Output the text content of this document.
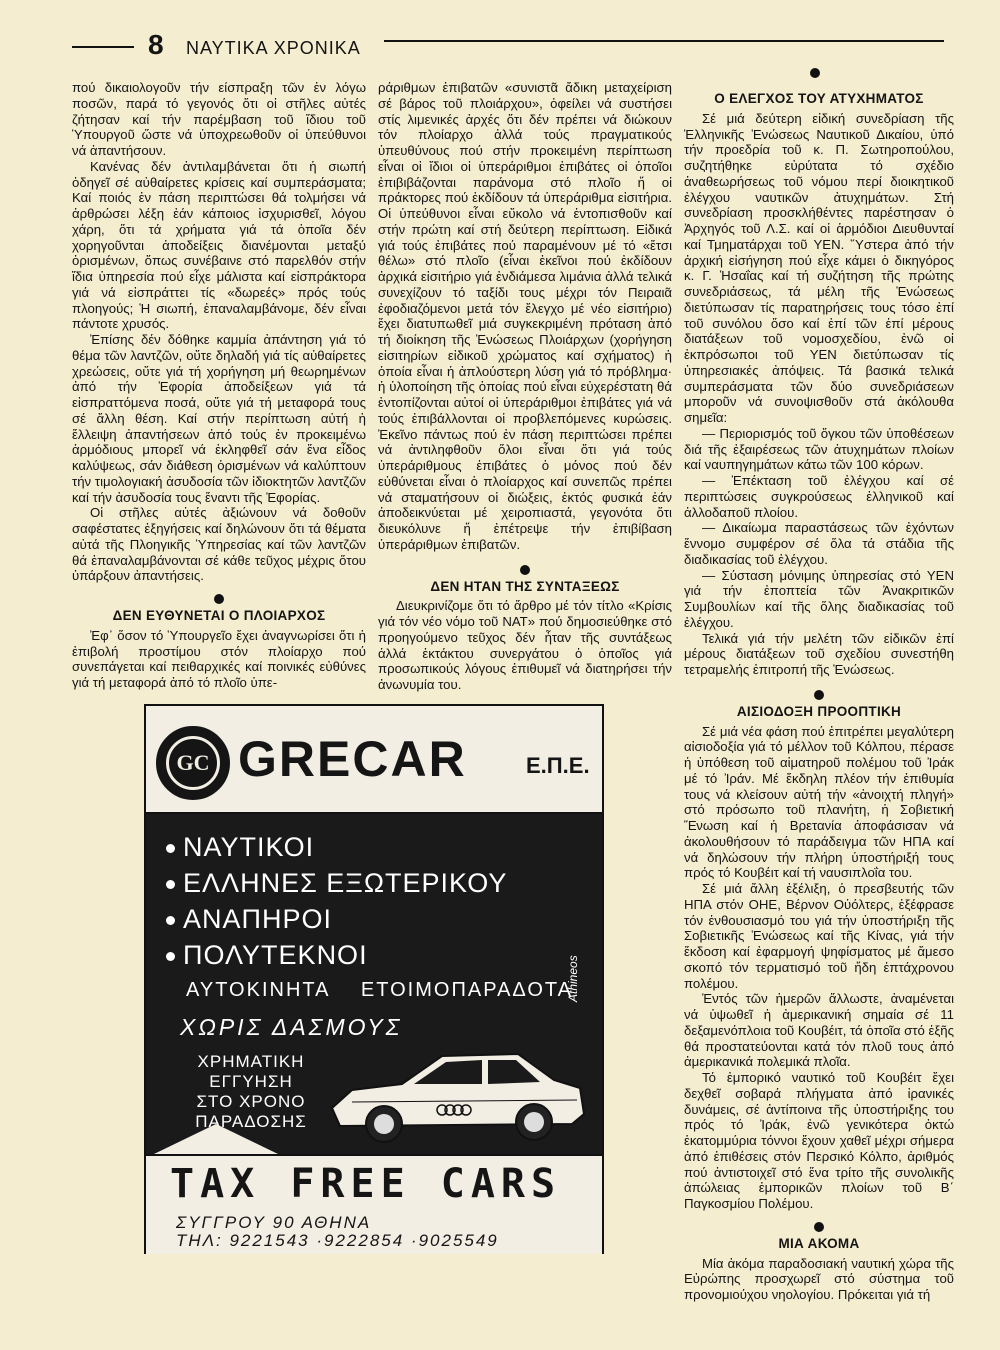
8 ΝΑΥΤΙΚΑ ΧΡΟΝΙΚΑ

πού δικαιολογοῦν τήν είσπραξη τῶν ἐν λόγω ποσῶν, παρά τό γεγονός ὅτι οἱ στῆλες αὐτές ζήτησαν καί τήν παρέμβαση τοῦ ἴδιου τοῦ Ὑπουργοῦ ὥστε νά ὑποχρεωθοῦν οἱ ὑπεύθυνοι νά ἀπαντήσουν.

Κανένας δέν ἀντιλαμβάνεται ὅτι ἡ σιωπή ὁδηγεῖ σέ αὐθαίρετες κρίσεις καί συμπεράσματα; Καί ποιός ἐν πάση περιπτώσει θά τολμήσει νά ἀρθρώσει λέξη ἐάν κάποιος ἰσχυρισθεῖ, λόγου χάρη, ὅτι τά χρήματα γιά τά ὁποῖα δέν χορηγοῦνται ἀποδείξεις διανέμονται μεταξύ ὁρισμένων, ὅπως συνέβαινε στό παρελθόν στήν ἴδια ὑπηρεσία πού εἶχε μάλιστα καί εἰσπράκτορα γιά νά εἰσπράττει τίς «δωρεές» πρός τούς πλοηγούς; Ἡ σιωπή, ἐπαναλαμβάνομε, δέν εἶναι πάντοτε χρυσός.

Ἐπίσης δέν δόθηκε καμμία ἀπάντηση γιά τό θέμα τῶν λαντζῶν, οὔτε δηλαδή γιά τίς αὐθαίρετες χρεώσεις, οὔτε γιά τή χορήγηση μή θεωρημένων ἀπό τήν Ἐφορία ἀποδείξεων γιά τά εἰσπραττόμενα ποσά, οὔτε γιά τή μεταφορά τους σέ ἄλλη θέση. Καί στήν περίπτωση αὐτή ἡ ἔλλειψη ἀπαντήσεων ἀπό τούς ἐν προκειμένω ἁρμόδιους μπορεῖ νά ἐκληφθεῖ σάν ἕνα εἶδος καλύψεως, σάν διάθεση ὁρισμένων νά καλύπτουν τήν τιμολογιακή ἀσυδοσία τῶν ἰδιοκτητῶν λαντζῶν καί τήν ἀσυδοσία τους ἔναντι τῆς Ἐφορίας.

Οἱ στῆλες αὐτές ἀξιώνουν νά δοθοῦν σαφέστατες ἐξηγήσεις καί δηλώνουν ὅτι τά θέματα αὐτά τῆς Πλοηγικῆς Ὑπηρεσίας καί τῶν λαντζῶν θά ἐπαναλαμβάνονται σέ κάθε τεῦχος μέχρις ὅτου ὑπάρξουν ἀπαντήσεις.

ΔΕΝ ΕΥΘΥΝΕΤΑΙ Ο ΠΛΟΙΑΡΧΟΣ

Ἐφ᾽ ὅσον τό Ὑπουργεῖο ἔχει ἀναγνωρίσει ὅτι ἡ ἐπιβολή προστίμου στόν πλοίαρχο πού συνεπάγεται καί πειθαρχικές καί ποινικές εὐθύνες γιά τή μεταφορά ἀπό τό πλοῖο ὑπε-

ράριθμων ἐπιβατῶν «συνιστᾶ ἄδικη μεταχείριση σέ βάρος τοῦ πλοιάρχου», ὀφείλει νά συστήσει στίς λιμενικές ἀρχές ὅτι δέν πρέπει νά διώκουν τόν πλοίαρχο ἀλλά τούς πραγματικούς ὑπευθύνους πού στήν προκειμένη περίπτωση εἶναι οἱ ἴδιοι οἱ ὑπεράριθμοι ἐπιβάτες οἱ ὁποῖοι ἐπιβιβάζονται παράνομα στό πλοῖο ἤ οἱ πράκτορες πού ἐκδίδουν τά ὑπεράριθμα εἰσιτήρια. Οἱ ὑπεύθυνοι εἶναι εὔκολο νά ἐντοπισθοῦν καί στήν πρώτη καί στή δεύτερη περίπτωση. Εἰδικά γιά τούς ἐπιβάτες πού παραμένουν μέ τό «ἔτσι θέλω» στό πλοῖο (εἶναι ἐκεῖνοι πού ἐκδίδουν ἀρχικά εἰσιτήριο γιά ἐνδιάμεσα λιμάνια ἀλλά τελικά συνεχίζουν τό ταξίδι τους μέχρι τόν Πειραιᾶ ἐφοδιαζόμενοι μετά τόν ἔλεγχο μέ νέο εἰσιτήριο) ἔχει διατυπωθεῖ μιά συγκεκριμένη πρόταση ἀπό τή διοίκηση τῆς Ἑνώσεως Πλοιάρχων (χορήγηση εἰσιτηρίων εἰδικοῦ χρώματος καί σχήματος) ἡ ὁποία εἶναι ἡ ἀπλούστερη λύση γιά τό πρόβλημα· ἡ ὑλοποίηση τῆς ὁποίας πού εἶναι εὐχερέστατη θά ἐντοπίζονται αὐτοί οἱ ὑπεράριθμοι ἐπιβάτες γιά νά τούς ἐπιβάλλονται οἱ προβλεπόμενες κυρώσεις. Ἐκεῖνο πάντως πού ἐν πάση περιπτώσει πρέπει νά ἀντιληφθοῦν ὅλοι εἶναι ὅτι γιά τούς ὑπεράριθμους ἐπιβάτες ὁ μόνος πού δέν εὐθύνεται εἶναι ὁ πλοίαρχος καί συνεπῶς πρέπει νά σταματήσουν οἱ διώξεις, ἐκτός φυσικά ἐάν ἀποδεικνύεται μέ χειροπιαστά, γεγονότα ὅτι διευκόλυνε ἤ ἐπέτρεψε τήν ἐπιβίβαση ὑπεράριθμων ἐπιβατῶν.

ΔΕΝ ΗΤΑΝ ΤΗΣ ΣΥΝΤΑΞΕΩΣ

Διευκρινίζομε ὅτι τό ἄρθρο μέ τόν τίτλο «Κρίσις γιά τόν νέο νόμο τοῦ ΝΑΤ» πού δημοσιεύθηκε στό προηγούμενο τεῦχος δέν ἦταν τῆς συντάξεως ἀλλά ἐκτάκτου συνεργάτου ὁ ὁποῖος γιά προσωπικούς λόγους ἐπιθυμεῖ νά διατηρήσει τήν ἀνωνυμία του.

Ο ΕΛΕΓΧΟΣ ΤΟΥ ΑΤΥΧΗΜΑΤΟΣ

Σέ μιά δεύτερη εἰδική συνεδρίαση τῆς Ἑλληνικῆς Ἑνώσεως Ναυτικοῦ Δικαίου, ὑπό τήν προεδρία τοῦ κ. Π. Σωτηροπούλου, συζητήθηκε εὐρύτατα τό σχέδιο ἀναθεωρήσεως τοῦ νόμου περί διοικητικοῦ ἐλέγχου ναυτικῶν ἀτυχημάτων. Στή συνεδρίαση προσκλήθέντες παρέστησαν ὁ Ἀρχηγός τοῦ Λ.Σ. καί οἱ ἁρμόδιοι Διευθυνταί καί Τμηματάρχαι τοῦ ΥΕΝ. Ὕστερα ἀπό τήν ἀρχική εἰσήγηση πού εἶχε κάμει ὁ δικηγόρος κ. Γ. Ἡσαΐας καί τή συζήτηση τῆς πρώτης συνεδριάσεως, τά μέλη τῆς Ἑνώσεως διετύπωσαν τίς παρατηρήσεις τους τόσο ἐπί τοῦ συνόλου ὅσο καί ἐπί τῶν ἐπί μέρους διατάξεων τοῦ νομοσχεδίου, ἐνῶ οἱ ἐκπρόσωποι τοῦ ΥΕΝ διετύπωσαν τίς ὑπηρεσιακές ἀπόψεις. Τά βασικά τελικά συμπεράσματα τῶν δύο συνεδριάσεων μποροῦν νά συνοψισθοῦν στά ἀκόλουθα σημεῖα:

— Περιορισμός τοῦ ὄγκου τῶν ὑποθέσεων διά τῆς ἐξαιρέσεως τῶν ἀτυχημάτων πλοίων καί ναυπηγημάτων κάτω τῶν 100 κόρων.

— Ἐπέκταση τοῦ ἐλέγχου καί σέ περιπτώσεις συγκρούσεως ἑλληνικοῦ καί ἀλλοδαποῦ πλοίου.

— Δικαίωμα παραστάσεως τῶν ἐχόντων ἔννομο συμφέρον σέ ὅλα τά στάδια τῆς διαδικασίας τοῦ ἐλέγχου.

— Σύσταση μόνιμης ὑπηρεσίας στό ΥΕΝ γιά τήν ἐποπτεία τῶν Ἀνακριτικῶν Συμβουλίων καί τῆς ὅλης διαδικασίας τοῦ ἐλέγχου.

Τελικά γιά τήν μελέτη τῶν εἰδικῶν ἐπί μέρους διατάξεων τοῦ σχεδίου συνεστήθη τετραμελής ἐπιτροπή τῆς Ἑνώσεως.

ΑΙΣΙΟΔΟΞΗ ΠΡΟΟΠΤΙΚΗ

Σέ μιά νέα φάση πού ἐπιτρέπει μεγαλύτερη αἰσιοδοξία γιά τό μέλλον τοῦ Κόλπου, πέρασε ἡ ὑπόθεση τοῦ αἱματηροῦ πολέμου τοῦ Ἰράκ μέ τό Ἰράν. Μέ ἔκδηλη πλέον τήν ἐπιθυμία τους νά κλείσουν αὐτή τήν «ἀνοιχτή πληγή» στό πρόσωπο τοῦ πλανήτη, ἡ Σοβιετική Ἕνωση καί ἡ Βρετανία ἀποφάσισαν νά ἀκολουθήσουν τό παράδειγμα τῶν ΗΠΑ καί νά δηλώσουν τήν πλήρη ὑποστήριξή τους πρός τό Κουβέιτ καί τή ναυσιπλοΐα του.

Σέ μιά ἄλλη ἐξέλιξη, ὁ πρεσβευτής τῶν ΗΠΑ στόν ΟΗΕ, Βέρνον Οὐόλτερς, ἐξέφρασε τόν ἐνθουσιασμό του γιά τήν ὑποστήριξη τῆς Σοβιετικῆς Ἑνώσεως καί τῆς Κίνας, γιά τήν ἔκδοση καί ἐφαρμογή ψηφίσματος μέ ἄμεσο σκοπό τόν τερματισμό τοῦ ἤδη ἑπτάχρονου πολέμου.

Ἐντός τῶν ἡμερῶν ἄλλωστε, ἀναμένεται νά ὑψωθεῖ ἡ ἀμερικανική σημαία σέ 11 δεξαμενόπλοια τοῦ Κουβέιτ, τά ὁποῖα στό ἑξῆς θά προστατεύονται κατά τόν πλοῦ τους ἀπό ἀμερικανικά πολεμικά πλοῖα.

Τό ἐμπορικό ναυτικό τοῦ Κουβέιτ ἔχει δεχθεῖ σοβαρά πλήγματα ἀπό ἰρανικές δυνάμεις, σέ ἀντίποινα τῆς ὑποστήριξης του πρός τό Ἰράκ, ἐνῶ γενικότερα ὀκτώ ἑκατομμύρια τόννοι ἔχουν χαθεῖ μέχρι σήμερα ἀπό ἐπιθέσεις στόν Περσικό Κόλπο, ἀριθμός πού ἀντιστοιχεῖ στό ἕνα τρίτο τῆς συνολικῆς ἀπώλειας ἐμπορικῶν πλοίων τοῦ Β΄ Παγκοσμίου Πολέμου.

ΜΙΑ ΑΚΟΜΑ

Μία ἀκόμα παραδοσιακή ναυτική χώρα τῆς Εὐρώπης προσχωρεῖ στό σύστημα τοῦ προνομιούχου νηολογίου. Πρόκειται γιά τή

GC GRECAR	Ε.Π.Ε.
ΝΑΥΤΙΚΟΙ
ΕΛΛΗΝΕΣ ΕΞΩΤΕΡΙΚΟΥ
ΑΝΑΠΗΡΟΙ
ΠΟΛΥΤΕΚΝΟΙ
ΑΥΤΟΚΙΝΗΤΑ ΕΤΟΙΜΟΠΑΡΑΔΟΤΑ
ΧΩΡΙΣ ΔΑΣΜΟΥΣ
ΧΡΗΜΑΤΙΚΗ
ΕΓΓΥΗΣΗ
ΣΤΟ ΧΡΟΝΟ
ΠΑΡΑΔΟΣΗΣ
Athineos
TAX FREE CARS
ΣΥΓΓΡΟΥ 90 ΑΘΗΝΑ
ΤΗΛ: 9221543 ·9222854 ·9025549
